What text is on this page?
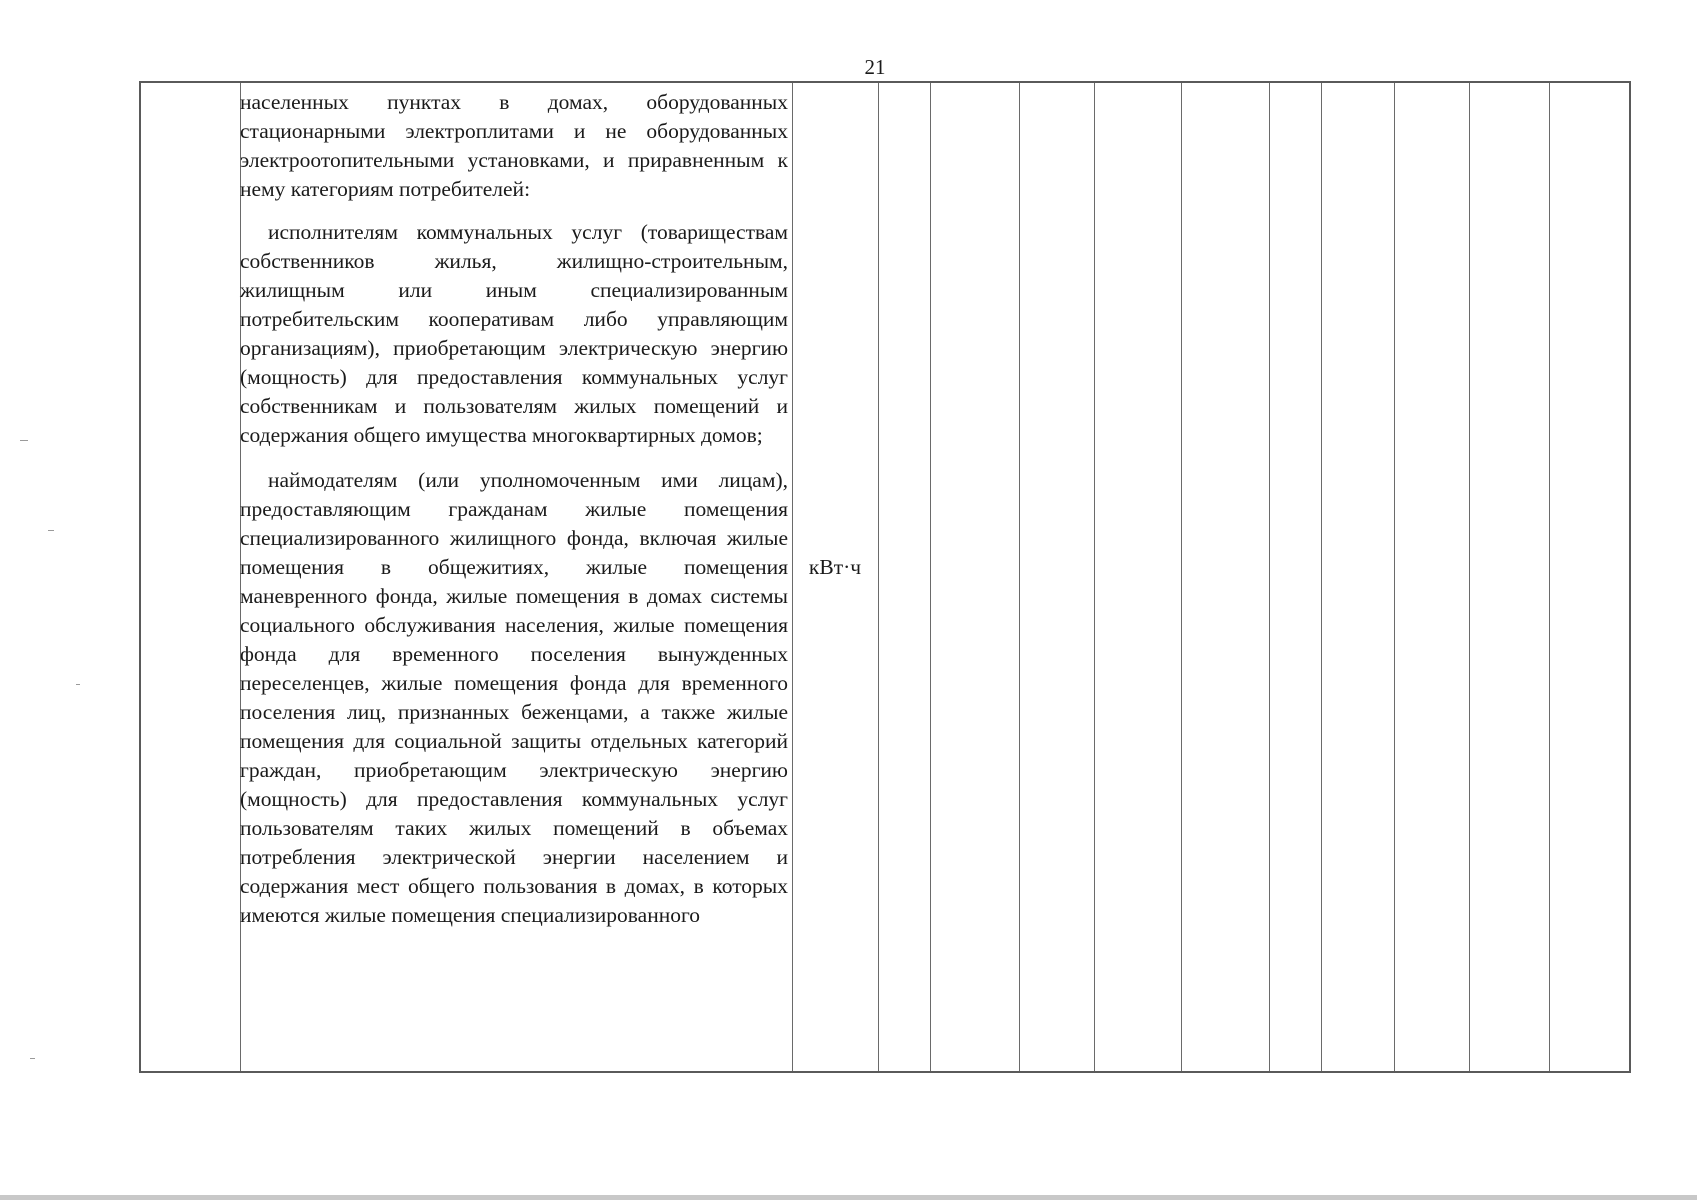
21

населенных пунктах в домах, оборудованных стационарными электроплитами и не оборудованных электроотопительными установками, и приравненным к нему категориям потребителей:

исполнителям коммунальных услуг (товариществам собственников жилья, жилищно-строительным, жилищным или иным специализированным потребительским кооперативам либо управляющим организациям), приобретающим электрическую энергию (мощность) для предоставления коммунальных услуг собственникам и пользователям жилых помещений и содержания общего имущества многоквартирных домов;

наймодателям (или уполномоченным ими лицам), предоставляющим гражданам жилые помещения специализированного жилищного фонда, включая жилые помещения в общежитиях, жилые помещения маневренного фонда, жилые помещения в домах системы социального обслуживания населения, жилые помещения фонда для временного поселения вынужденных переселенцев, жилые помещения фонда для временного поселения лиц, признанных беженцами, а также жилые помещения для социальной защиты отдельных категорий граждан, приобретающим электрическую энергию (мощность) для предоставления коммунальных услуг пользователям таких жилых помещений в объемах потребления электрической энергии населением и содержания мест общего пользования в домах, в которых имеются жилые помещения специализированного

кВт·ч
